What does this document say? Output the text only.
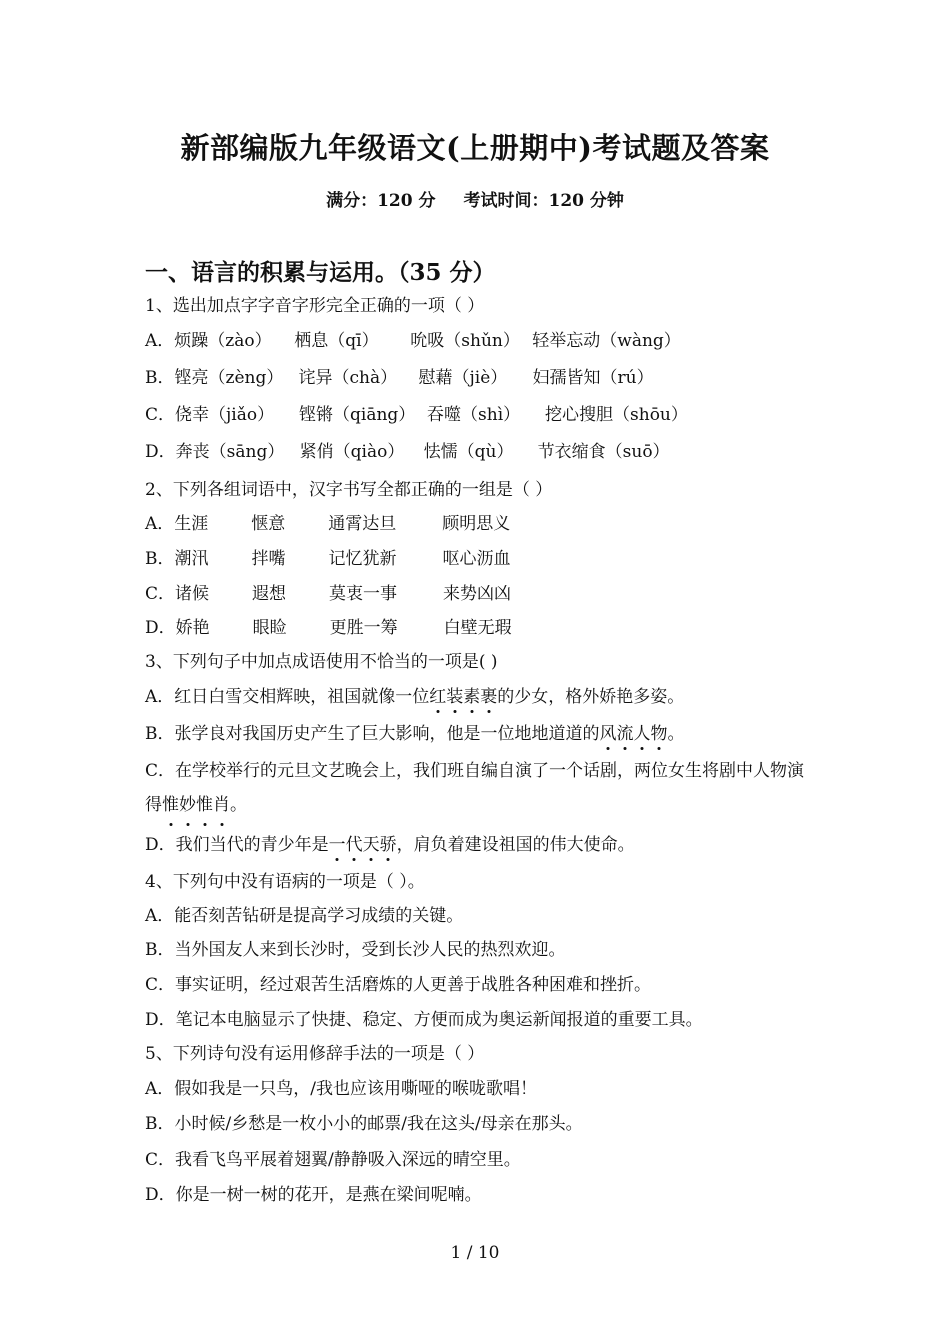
新部编版九年级语文(上册期中)考试题及答案
满分：120 分 考试时间：120 分钟
一、语言的积累与运用。（35 分）
1、选出加点字字音字形完全正确的一项（ ）
A．烦躁（zào） 栖息（qī） 吮吸（shǔn） 轻举忘动（wàng）
B．铿亮（zèng） 诧异（chà） 慰藉（jiè） 妇孺皆知（rú）
C．侥幸（jiǎo） 铿锵（qiāng） 吞噬（shì） 挖心搜胆（shōu）
D．奔丧（sāng） 紧俏（qiào） 怯懦（qù） 节衣缩食（suō）
2、下列各组词语中，汉字书写全都正确的一组是（ ）
A．生涯	惬意	通霄达旦	顾明思义
B．潮汛	拌嘴	记忆犹新	呕心沥血
C．诸候	遐想	莫衷一事	来势凶凶
D．娇艳	眼睑	更胜一筹	白壁无瑕
3、下列句子中加点成语使用不恰当的一项是( )
A．红日白雪交相辉映，祖国就像一位红装素裹的少女，格外娇艳多姿。
B．张学良对我国历史产生了巨大影响，他是一位地地道道的风流人物。
C．在学校举行的元旦文艺晚会上，我们班自编自演了一个话剧，两位女生将剧中人物演得惟妙惟肖。
D．我们当代的青少年是一代天骄，肩负着建设祖国的伟大使命。
4、下列句中没有语病的一项是（ ）。
A．能否刻苦钻研是提高学习成绩的关键。
B．当外国友人来到长沙时，受到长沙人民的热烈欢迎。
C．事实证明，经过艰苦生活磨炼的人更善于战胜各种困难和挫折。
D．笔记本电脑显示了快捷、稳定、方便而成为奥运新闻报道的重要工具。
5、下列诗句没有运用修辞手法的一项是（ ）
A．假如我是一只鸟，/我也应该用嘶哑的喉咙歌唱！
B．小时候/乡愁是一枚小小的邮票/我在这头/母亲在那头。
C．我看飞鸟平展着翅翼/静静吸入深远的晴空里。
D．你是一树一树的花开，是燕在梁间呢喃。
1 / 10
